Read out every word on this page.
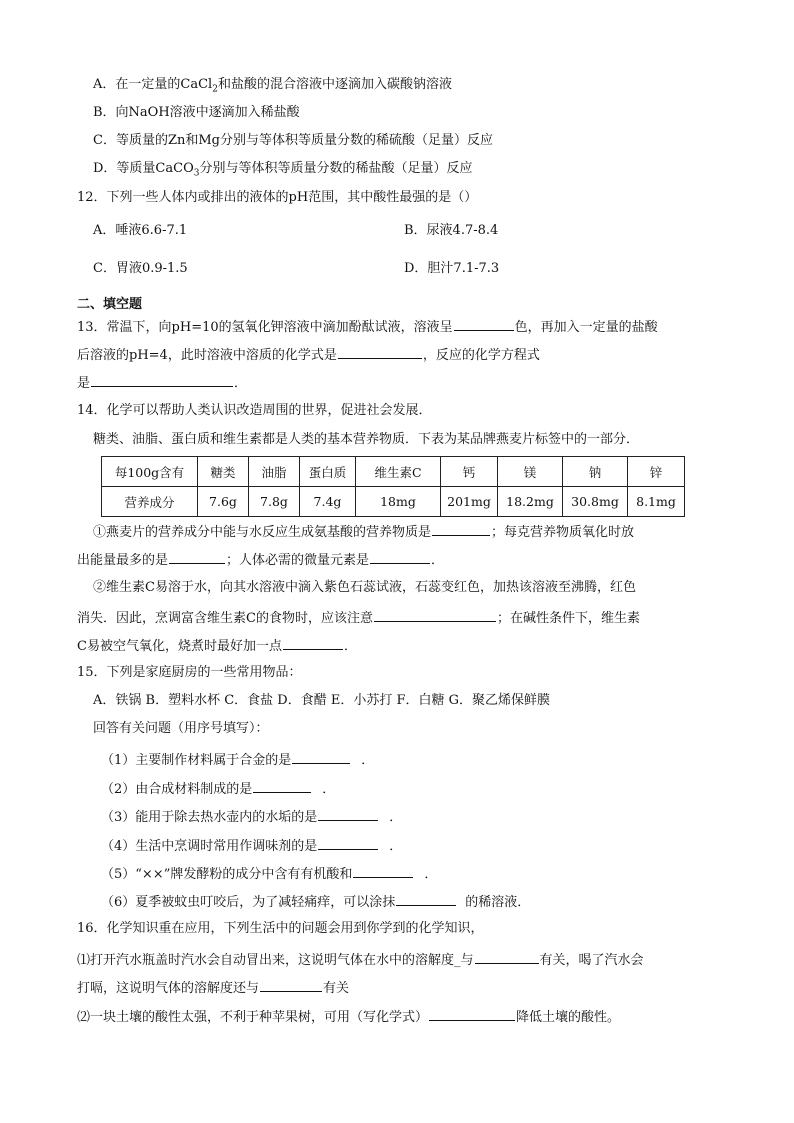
A．在一定量的CaCl$_2$和盐酸的混合溶液中逐滴加入碳酸钠溶液
B．向NaOH溶液中逐滴加入稀盐酸
C．等质量的Zn和Mg分别与等体积等质量分数的稀硫酸（足量）反应
D．等质量CaCO$_3$分别与等体积等质量分数的稀盐酸（足量）反应
12．下列一些人体内或排出的液体的pH范围，其中酸性最强的是（）
A．唾液6.6-7.1	B．尿液4.7-8.4
C．胃液0.9-1.5	D．胆汁7.1-7.3
二、填空题
13．常温下，向pH=10的氢氧化钾溶液中滴加酚酞试液，溶液呈	色，再加入一定量的盐酸
后溶液的pH=4，此时溶液中溶质的化学式是	，反应的化学方程式
是	．
14．化学可以帮助人类认识改造周围的世界，促进社会发展．
糖类、油脂、蛋白质和维生素都是人类的基本营养物质．下表为某品牌燕麦片标签中的一部分．
每100g含有	糖类	油脂	蛋白质	维生素C	钙	镁	钠	锌
营养成分	7.6g	7.8g	7.4g	18mg	201mg	18.2mg	30.8mg	8.1mg
①燕麦片的营养成分中能与水反应生成氨基酸的营养物质是	；每克营养物质氧化时放
出能量最多的是	；人体必需的微量元素是	．
②维生素C易溶于水，向其水溶液中滴入紫色石蕊试液，石蕊变红色，加热该溶液至沸腾，红色
消失．因此，烹调富含维生素C的食物时，应该注意	；在碱性条件下，维生素
C易被空气氧化，烧煮时最好加一点	．
15．下列是家庭厨房的一些常用物品：
A．铁锅 B．塑料水杯 C．食盐 D．食醋 E．小苏打 F．白糖 G．聚乙烯保鲜膜
回答有关问题（用序号填写）：
（1）主要制作材料属于合金的是	．
（2）由合成材料制成的是	．
（3）能用于除去热水壶内的水垢的是	．
（4）生活中烹调时常用作调味剂的是	．
（5）“××”牌发酵粉的成分中含有有机酸和	．
（6）夏季被蚊虫叮咬后，为了减轻痛痒，可以涂抹	的稀溶液．
16．化学知识重在应用，下列生活中的问题会用到你学到的化学知识，
⑴打开汽水瓶盖时汽水会自动冒出来，这说明气体在水中的溶解度_与	有关，喝了汽水会
打嗝，这说明气体的溶解度还与	有关
⑵一块土壤的酸性太强，不利于种苹果树，可用（写化学式）	降低土壤的酸性。
